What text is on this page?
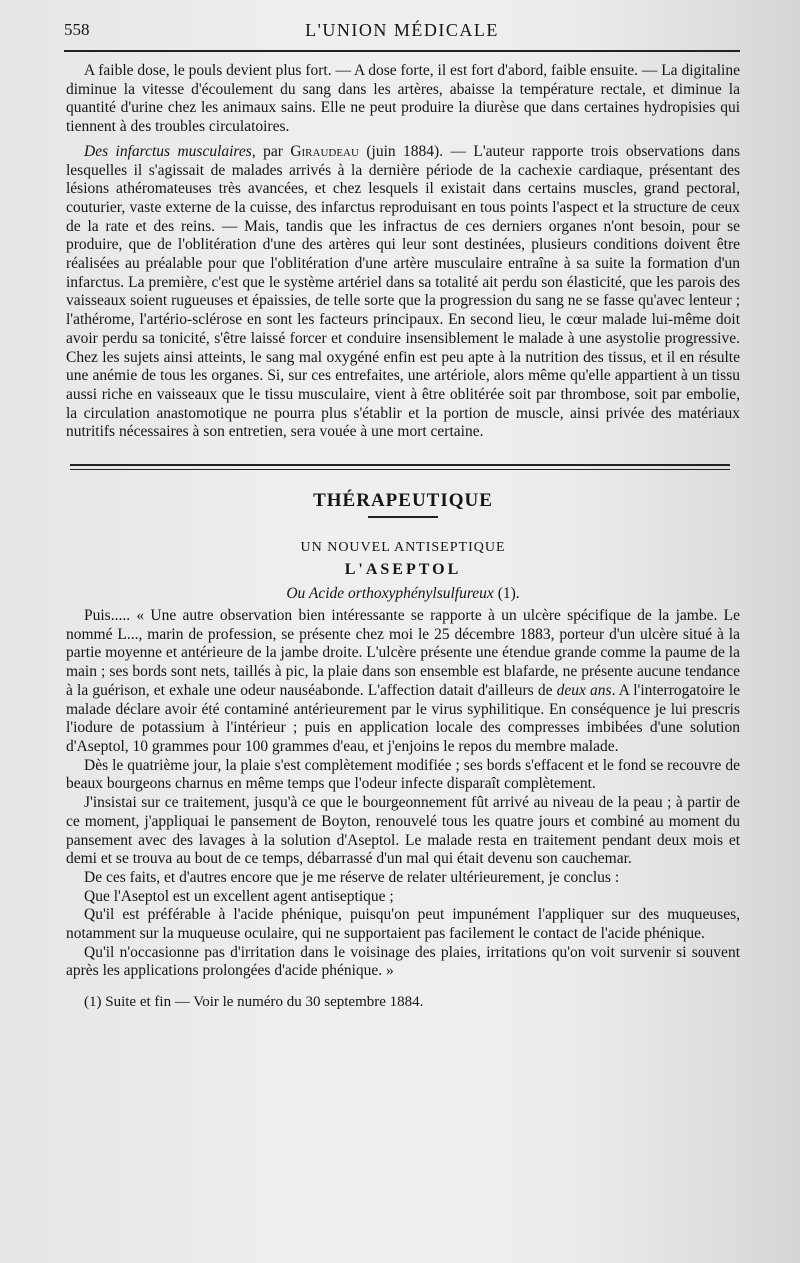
558	L'UNION MÉDICALE

A faible dose, le pouls devient plus fort. — A dose forte, il est fort d'abord, faible ensuite. — La digitaline diminue la vitesse d'écoulement du sang dans les artères, abaisse la température rectale, et diminue la quantité d'urine chez les animaux sains. Elle ne peut produire la diurèse que dans certaines hydropisies qui tiennent à des troubles circulatoires.

Des infarctus musculaires, par Giraudeau (juin 1884). — L'auteur rapporte trois observations dans lesquelles il s'agissait de malades arrivés à la dernière période de la cachexie cardiaque, présentant des lésions athéromateuses très avancées, et chez lesquels il existait dans certains muscles, grand pectoral, couturier, vaste externe de la cuisse, des infarctus reproduisant en tous points l'aspect et la structure de ceux de la rate et des reins. — Mais, tandis que les infractus de ces derniers organes n'ont besoin, pour se produire, que de l'oblitération d'une des artères qui leur sont destinées, plusieurs conditions doivent être réalisées au préalable pour que l'oblitération d'une artère musculaire entraîne à sa suite la formation d'un infarctus. La première, c'est que le système artériel dans sa totalité ait perdu son élasticité, que les parois des vaisseaux soient rugueuses et épaissies, de telle sorte que la progression du sang ne se fasse qu'avec lenteur ; l'athérome, l'artério-sclérose en sont les facteurs principaux. En second lieu, le cœur malade lui-même doit avoir perdu sa tonicité, s'être laissé forcer et conduire insensiblement le malade à une asystolie progressive. Chez les sujets ainsi atteints, le sang mal oxygéné enfin est peu apte à la nutrition des tissus, et il en résulte une anémie de tous les organes. Si, sur ces entrefaites, une artériole, alors même qu'elle appartient à un tissu aussi riche en vaisseaux que le tissu musculaire, vient à être oblitérée soit par thrombose, soit par embolie, la circulation anastomotique ne pourra plus s'établir et la portion de muscle, ainsi privée des matériaux nutritifs nécessaires à son entretien, sera vouée à une mort certaine.

THÉRAPEUTIQUE
UN NOUVEL ANTISEPTIQUE
L'ASEPTOL
Ou Acide orthoxyphénylsulfureux (1).

Puis..... « Une autre observation bien intéressante se rapporte à un ulcère spécifique de la jambe. Le nommé L..., marin de profession, se présente chez moi le 25 décembre 1883, porteur d'un ulcère situé à la partie moyenne et antérieure de la jambe droite. L'ulcère présente une étendue grande comme la paume de la main ; ses bords sont nets, taillés à pic, la plaie dans son ensemble est blafarde, ne présente aucune tendance à la guérison, et exhale une odeur nauséabonde. L'affection datait d'ailleurs de deux ans. A l'interrogatoire le malade déclare avoir été contaminé antérieurement par le virus syphilitique. En conséquence je lui prescris l'iodure de potassium à l'intérieur ; puis en application locale des compresses imbibées d'une solution d'Aseptol, 10 grammes pour 100 grammes d'eau, et j'enjoins le repos du membre malade.

Dès le quatrième jour, la plaie s'est complètement modifiée ; ses bords s'effacent et le fond se recouvre de beaux bourgeons charnus en même temps que l'odeur infecte disparaît complètement.

J'insistai sur ce traitement, jusqu'à ce que le bourgeonnement fût arrivé au niveau de la peau ; à partir de ce moment, j'appliquai le pansement de Boyton, renouvelé tous les quatre jours et combiné au moment du pansement avec des lavages à la solution d'Aseptol. Le malade resta en traitement pendant deux mois et demi et se trouva au bout de ce temps, débarrassé d'un mal qui était devenu son cauchemar.

De ces faits, et d'autres encore que je me réserve de relater ultérieurement, je conclus :

Que l'Aseptol est un excellent agent antiseptique ;

Qu'il est préférable à l'acide phénique, puisqu'on peut impunément l'appliquer sur des muqueuses, notamment sur la muqueuse oculaire, qui ne supportaient pas facilement le contact de l'acide phénique.

Qu'il n'occasionne pas d'irritation dans le voisinage des plaies, irritations qu'on voit survenir si souvent après les applications prolongées d'acide phénique. »

(1) Suite et fin — Voir le numéro du 30 septembre 1884.
